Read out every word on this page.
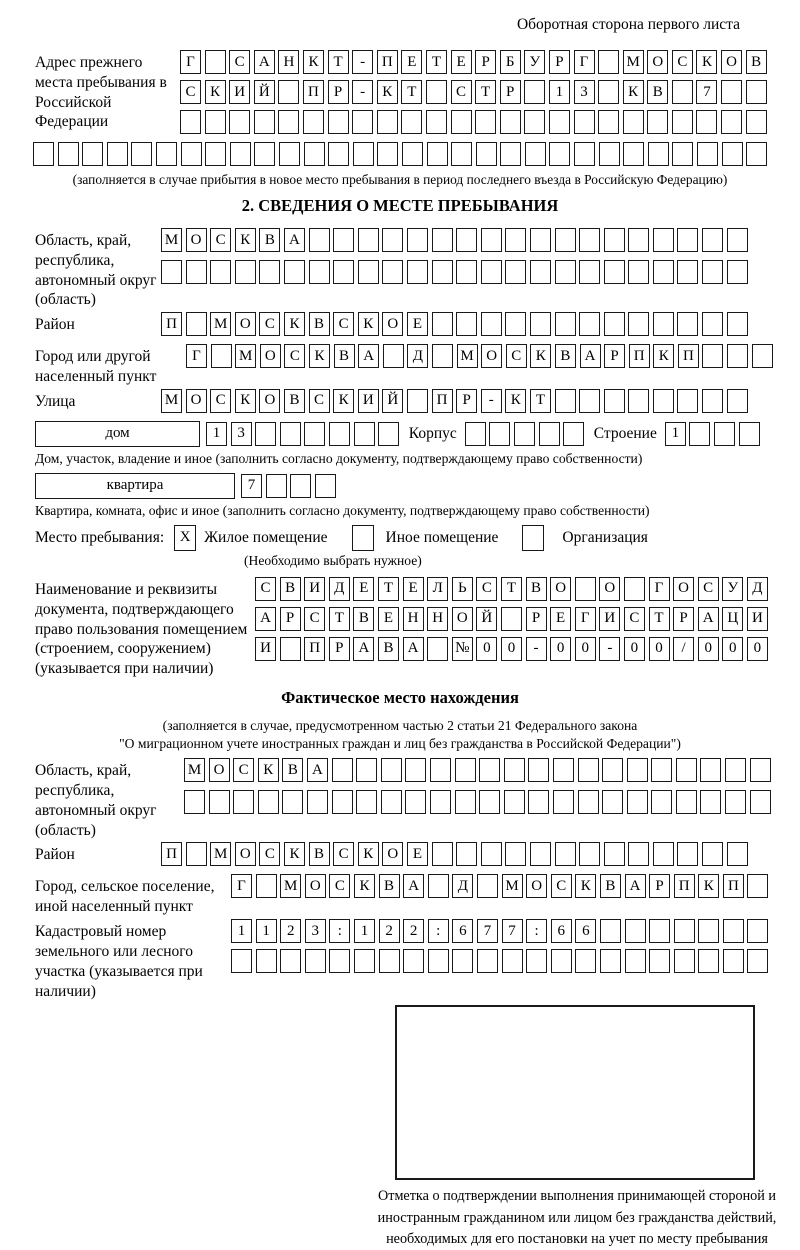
Оборотная сторона первого листа
Адрес прежнего места пребывания в Российской Федерации
Г	С А Н К	Т	-	П Е	Т	Е	Р	Б У	Р	Г	М О С К О В
С К И Й	П	Р	-	К	Т	С	Т	Р	1	3	К В	7
(заполняется в случае прибытия в новое место пребывания в период последнего въезда в Российскую Федерацию)
2. СВЕДЕНИЯ О МЕСТЕ ПРЕБЫВАНИЯ
Область, край, республика, автономный округ (область)
М О С К В А
Район	П	М О С К В С К О Е
Город или другой населенный пункт
Г	М О С К В А	Д	М О С К В А	Р	П К П
Улица	М О С К О В С К И Й	П	Р	-	К	Т
дом	1	3	Корпус	Строение 1
Дом, участок, владение и иное (заполнить согласно документу, подтверждающему право собственности)
квартира	7
Квартира, комната, офис и иное (заполнить согласно документу, подтверждающему право собственности)
Место пребывания:	X Жилое помещение	Иное помещение	Организация
(Необходимо выбрать нужное)
Наименование и реквизиты документа, подтверждающего право пользования помещением (строением, сооружением) (указывается при наличии)
С В И Д Е	Т	Е Л	Ь	С	Т	В О	О	Г О С У Д
А	Р	С	Т	В	Е Н Н О Й	Р	Е	Г И С	Т	Р	А Ц И
И	П	Р	А В А	№ 0	0	-	0	0	-	0	0	/	0	0	0
Фактическое место нахождения
(заполняется в случае, предусмотренном частью 2 статьи 21 Федерального закона
"О миграционном учете иностранных граждан и лиц без гражданства в Российской Федерации")
Область, край, республика, автономный округ (область)
М О С К В А
Район	П	М О С К В С К О Е
Город, сельское поселение, иной населенный пункт
Г	М О С К В А	Д	М О С К В А	Р	П К П
Кадастровый номер земельного или лесного участка (указывается при наличии)
1	1	2	3	:	1	2	2	:	6	7	7	:	6	6
Отметка о подтверждении выполнения принимающей стороной и иностранным гражданином или лицом без гражданства действий, необходимых для его постановки на учет по месту пребывания
